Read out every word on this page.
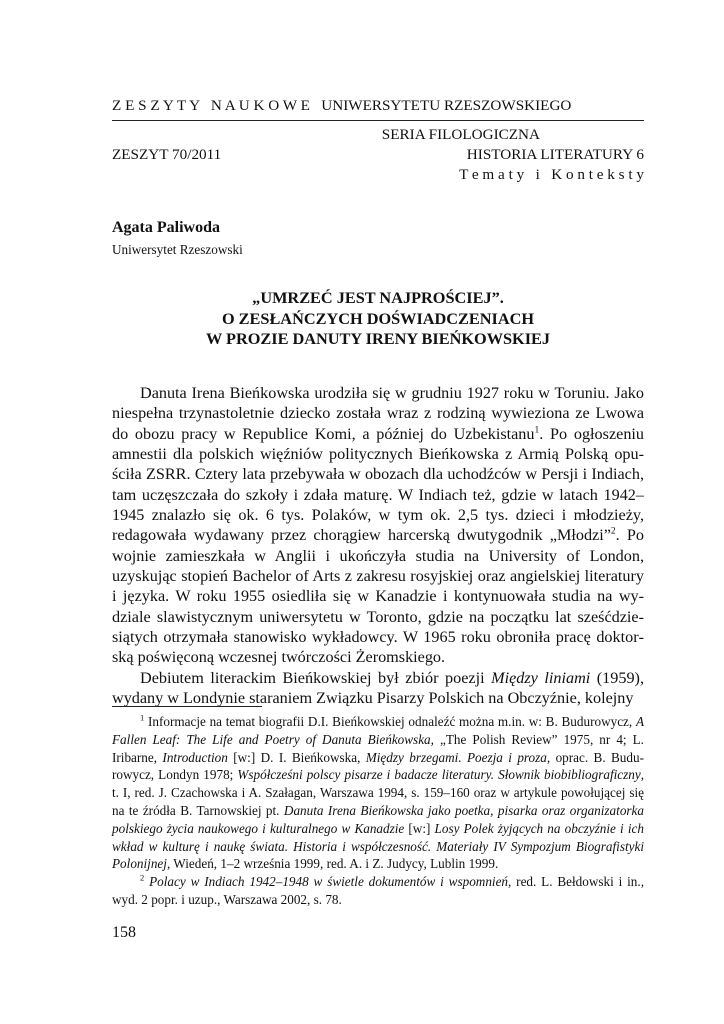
Z E S Z Y T Y   N A U K O W E   UNIWERSYTETU RZESZOWSKIEGO
SERIA FILOLOGICZNA
ZESZYT 70/2011	HISTORIA LITERATURY 6
T e m a t y   i   K o n t e k s t y
Agata Paliwoda
Uniwersytet Rzeszowski
„UMRZEĆ JEST NAJPROŚCIEJ”.
O ZESŁAŃCZYCH DOŚWIADCZENIACH
W PROZIE DANUTY IRENY BIEŃKOWSKIEJ

Danuta Irena Bieńkowska urodziła się w grudniu 1927 roku w Toruniu. Jako niespełna trzynastoletnie dziecko została wraz z rodziną wywieziona ze Lwowa do obozu pracy w Republice Komi, a później do Uzbekistanu$^1$. Po ogłoszeniu amnestii dla polskich więźniów politycznych Bieńkowska z Armią Polską opuściła ZSRR. Cztery lata przebywała w obozach dla uchodźców w Persji i Indiach, tam uczęszczała do szkoły i zdała maturę. W Indiach też, gdzie w latach 1942–1945 znalazło się ok. 6 tys. Polaków, w tym ok. 2,5 tys. dzieci i młodzieży, redagowała wydawany przez chorągiew harcerską dwutygodnik „Młodzi”$^2$. Po wojnie zamieszkała w Anglii i ukończyła studia na University of London, uzyskując stopień Bachelor of Arts z zakresu rosyjskiej oraz angielskiej literatury i języka. W roku 1955 osiedliła się w Kanadzie i kontynuowała studia na wydziale slawistycznym uniwersytetu w Toronto, gdzie na początku lat sześćdziesiątych otrzymała stanowisko wykładowcy. W 1965 roku obroniła pracę doktorską poświęconą wczesnej twórczości Żeromskiego.

Debiutem literackim Bieńkowskiej był zbiór poezji Między liniami (1959), wydany w Londynie staraniem Związku Pisarzy Polskich na Obczyźnie, kolejny

$^1$ Informacje na temat biografii D.I. Bieńkowskiej odnaleźć można m.in. w: B. Budurowycz, A Fallen Leaf: The Life and Poetry of Danuta Bieńkowska, „The Polish Review” 1975, nr 4; L. Iribarne, Introduction [w:] D. I. Bieńkowska, Między brzegami. Poezja i proza, oprac. B. Budurowycz, Londyn 1978; Współcześni polscy pisarze i badacze literatury. Słownik biobibliograficzny, t. I, red. J. Czachowska i A. Szałagan, Warszawa 1994, s. 159–160 oraz w artykule powołującej się na te źródła B. Tarnowskiej pt. Danuta Irena Bieńkowska jako poetka, pisarka oraz organizatorka polskiego życia naukowego i kulturalnego w Kanadzie [w:] Losy Polek żyjących na obczyźnie i ich wkład w kulturę i naukę świata. Historia i współczesność. Materiały IV Sympozjum Biografistyki Polonijnej, Wiedeń, 1–2 września 1999, red. A. i Z. Judycy, Lublin 1999.

$^2$ Polacy w Indiach 1942–1948 w świetle dokumentów i wspomnień, red. L. Bełdowski i in., wyd. 2 popr. i uzup., Warszawa 2002, s. 78.

158
